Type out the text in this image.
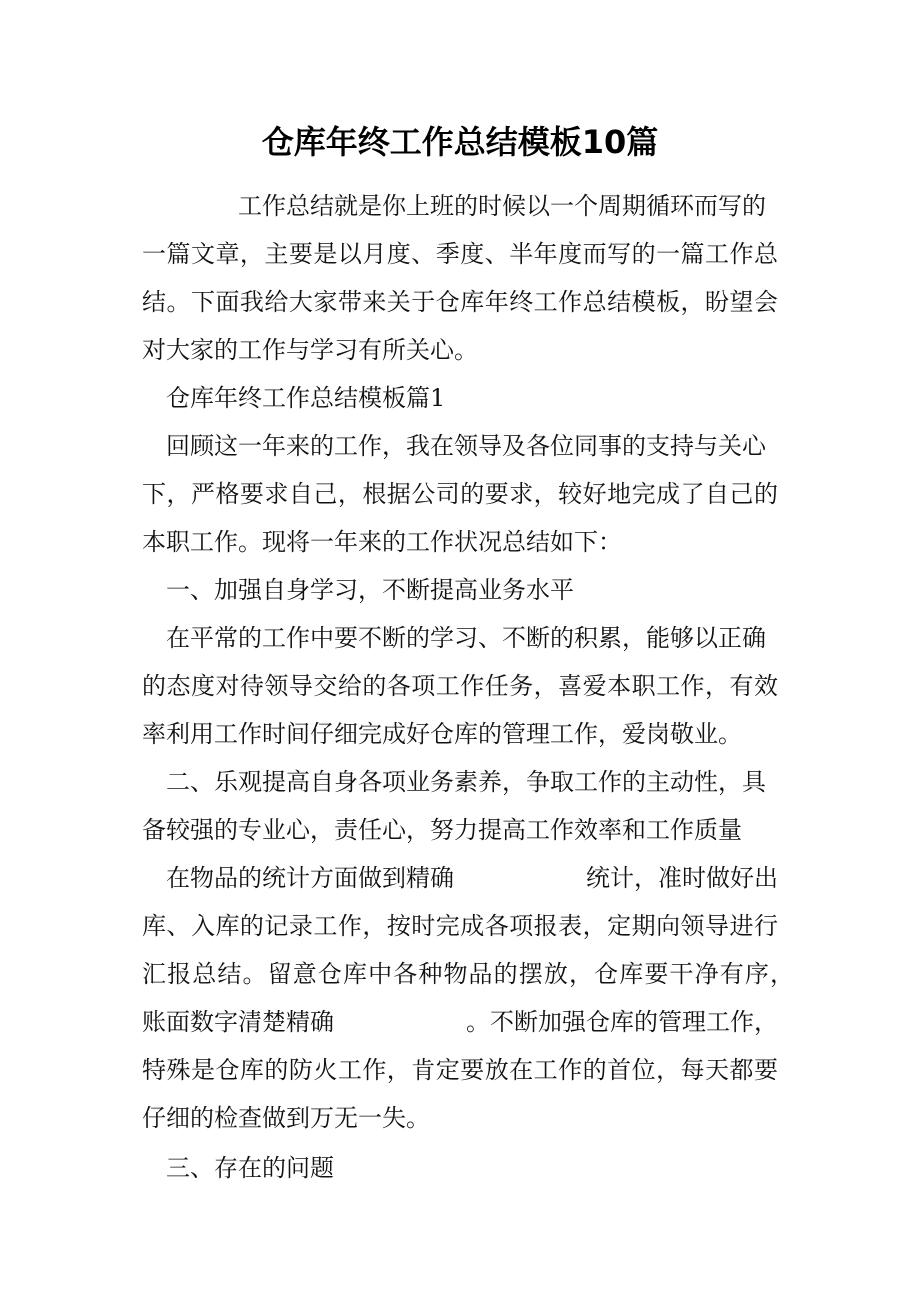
仓库年终工作总结模板10篇

工作总结就是你上班的时候以一个周期循环而写的

一篇文章，主要是以月度、季度、半年度而写的一篇工作总

结。下面我给大家带来关于仓库年终工作总结模板，盼望会

对大家的工作与学习有所关心。

仓库年终工作总结模板篇1

回顾这一年来的工作，我在领导及各位同事的支持与关心

下，严格要求自己，根据公司的要求，较好地完成了自己的

本职工作。现将一年来的工作状况总结如下：

一、加强自身学习，不断提高业务水平

在平常的工作中要不断的学习、不断的积累，能够以正确

的态度对待领导交给的各项工作任务，喜爱本职工作，有效

率利用工作时间仔细完成好仓库的管理工作，爱岗敬业。

二、乐观提高自身各项业务素养，争取工作的主动性，具

备较强的专业心，责任心，努力提高工作效率和工作质量

在物品的统计方面做到精确	统计，准时做好出

库、入库的记录工作，按时完成各项报表，定期向领导进行

汇报总结。留意仓库中各种物品的摆放，仓库要干净有序，

账面数字清楚精确	。不断加强仓库的管理工作，

特殊是仓库的防火工作，肯定要放在工作的首位，每天都要

仔细的检查做到万无一失。

三、存在的问题
